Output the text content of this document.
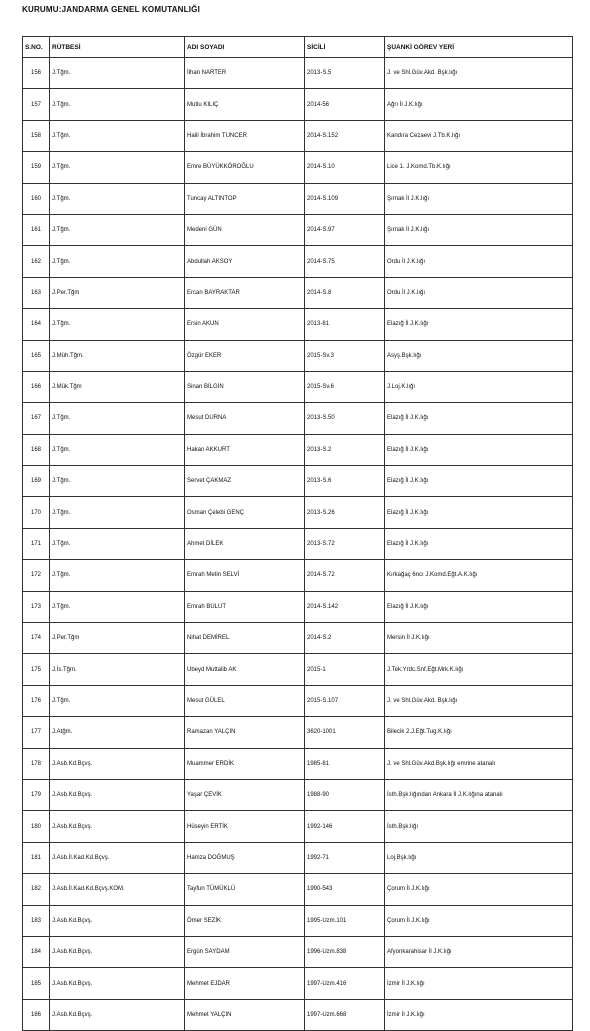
KURUMU:JANDARMA GENEL KOMUTANLIĞI
S.NO.	RÜTBESİ	ADI SOYADI	SİCİLİ	ŞUANKİ GÖREV YERİ
156	J.Tğm.	İlhan NARTER	2013-S.5	J. ve Shl.Güv.Akd. Bşk.lığı
157	J.Tğm.	Mutlu KILIÇ	2014-56	Ağrı İl J.K.lığı
158	J.Tğm.	Halil İbrahim TUNCER	2014-S.152	Kandıra Cezaevi J.Tb.K.lığı
159	J.Tğm.	Emre BÜYÜKKÖROĞLU	2014-S.10	Lice 1. J.Komd.Tb.K.lığı
160	J.Tğm.	Tuncay ALTINTOP	2014-S.109	Şırnak İl J.K.lığı
161	J.Tğm.	Medeni GÜN	2014-S.97	Şırnak İl J.K.lığı
162	J.Tğm.	Abdullah AKSOY	2014-S.75	Ordu İl J.K.lığı
163	J.Per.Tğm	Ercan BAYRAKTAR	2014-S.8	Ordu İl J.K.lığı
164	J.Tğm.	Ersin AKUN	2013-81	Elazığ İl J.K.lığı
165	J.Müh.Tğm.	Özgür EKER	2015-Sv.3	Asyş.Bşk.lığı
166	J.Mük.Tğm	Sinan BİLGİN	2015-Sv.6	J.Loj.K.lığı
167	J.Tğm.	Mesut DURNA	2013-S.50	Elazığ İl J.K.lığı
168	J.Tğm.	Hakan AKKURT	2013-S.2	Elazığ İl J.K.lığı
169	J.Tğm.	Servet ÇAKMAZ	2013-S.6	Elazığ İl J.K.lığı
170	J.Tğm.	Osman Çelebi GENÇ	2013-S.26	Elazığ İl J.K.lığı
171	J.Tğm.	Ahmet DİLEK	2013-S.72	Elazığ İl J.K.lığı
172	J.Tğm.	Emrah Metin SELVİ	2014-S.72	Kırkağaç 6ncı J.Komd.Eğt.A.K.lığı
173	J.Tğm.	Emrah BULUT	2014-S.142	Elazığ İl J.K.lığı
174	J.Per.Tğm	Nihat DEMİREL	2014-S.2	Mersin İl J.K.lığı
175	J.İs.Tğm.	Ubeyd Muttalib AK	2015-1	J.Tek.Yrdc.Snf.Eğt.Mrk.K.lığı
176	J.Tğm.	Mesut GÜLEL	2015-S.107	J. ve Shl.Güv.Akd. Bşk.lığı
177	J.Atğm.	Ramazan YALÇIN	3620-1001	Bilecik 2.J.Eğt.Tug.K.lığı
178	J.Asb.Kd.Bçvş.	Muammer ERDİK	1985-81	J. ve Shl.Güv.Akd.Bşk.lığı emrine atanalı
179	J.Asb.Kd.Bçvş.	Yaşar ÇEVİK	1988-90	İsth.Bşk.lığından Ankara İl J.K.lığına atanalı
180	J.Asb.Kd.Bçvş.	Hüseyin ERTİK	1992-146	İsth.Bşk.lığı
181	J.Asb.İl.Kad.Kd.Bçvş.	Hamza DOĞMUŞ	1992-71	Loj.Bşk.lığı
182	J.Asb.İl.Kad.Kd.Bçvş.KOM.	Tayfun TÜMÜKLÜ	1990-543	Çorum İl J.K.lığı
183	J.Asb.Kd.Bçvş.	Ömer SEZİK	1995-Uzm.101	Çorum İl J.K.lığı
184	J.Asb.Kd.Bçvş.	Ergün SAYDAM	1996-Uzm.838	Afyonkarahisar İl J.K.lığı
185	J.Asb.Kd.Bçvş.	Mehmet EJDAR	1997-Uzm.416	İzmir İl J.K.lığı
186	J.Asb.Kd.Bçvş.	Mehmet YALÇIN	1997-Uzm.668	İzmir İl J.K.lığı
